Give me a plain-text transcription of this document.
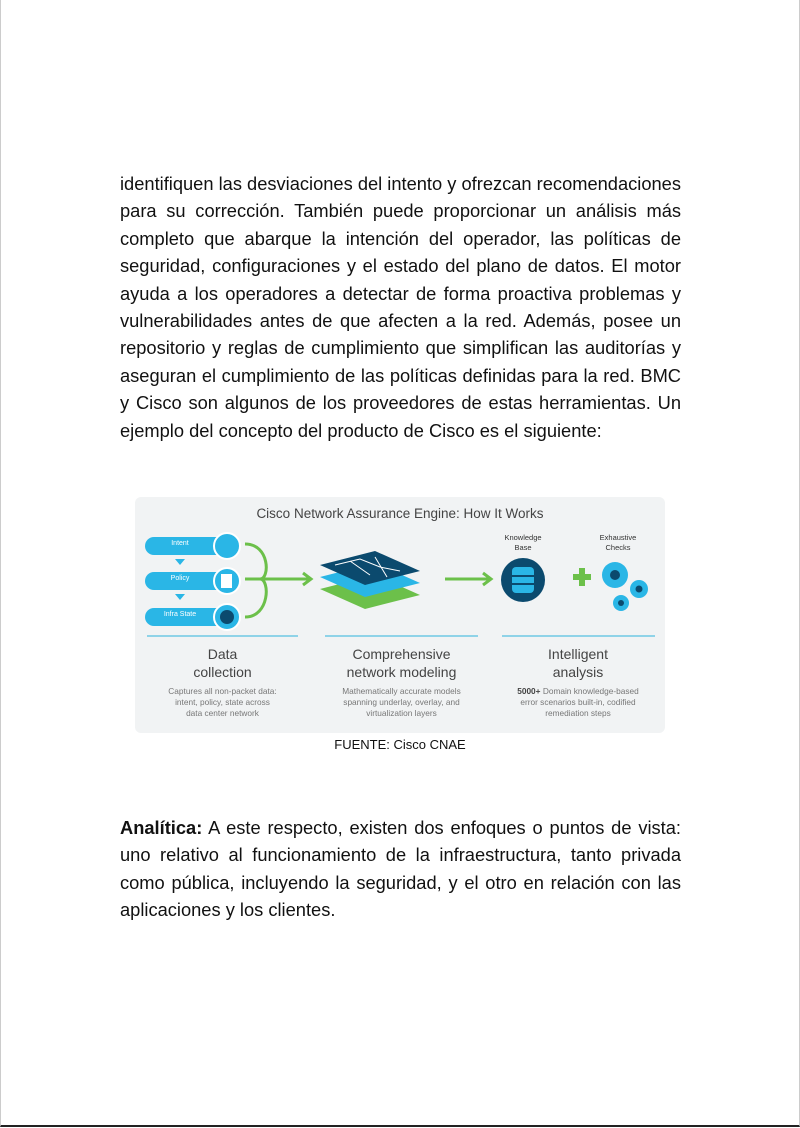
identifiquen las desviaciones del intento y ofrezcan recomendaciones para su corrección. También puede proporcionar un análisis más completo que abarque la intención del operador, las políticas de seguridad, configuraciones y el estado del plano de datos. El motor ayuda a los operadores a detectar de forma proactiva problemas y vulnerabilidades antes de que afecten a la red. Además, posee un repositorio y reglas de cumplimiento que simplifican las auditorías y aseguran el cumplimiento de las políticas definidas para la red. BMC y Cisco son algunos de los proveedores de estas herramientas. Un ejemplo del concepto del producto de Cisco es el siguiente:

Cisco Network Assurance Engine: How It Works
Intent
Policy
Infra State
Knowledge Base
Exhaustive Checks
Data
collection
Captures all non-packet data:
intent, policy, state across
data center network
Comprehensive
network modeling
Mathematically accurate models
spanning underlay, overlay, and
virtualization layers
Intelligent
analysis
5000+ Domain knowledge-based
error scenarios built-in, codified
remediation steps
FUENTE: Cisco CNAE

Analítica: A este respecto, existen dos enfoques o puntos de vista: uno relativo al funcionamiento de la infraestructura, tanto privada como pública, incluyendo la seguridad, y el otro en relación con las aplicaciones y los clientes.
